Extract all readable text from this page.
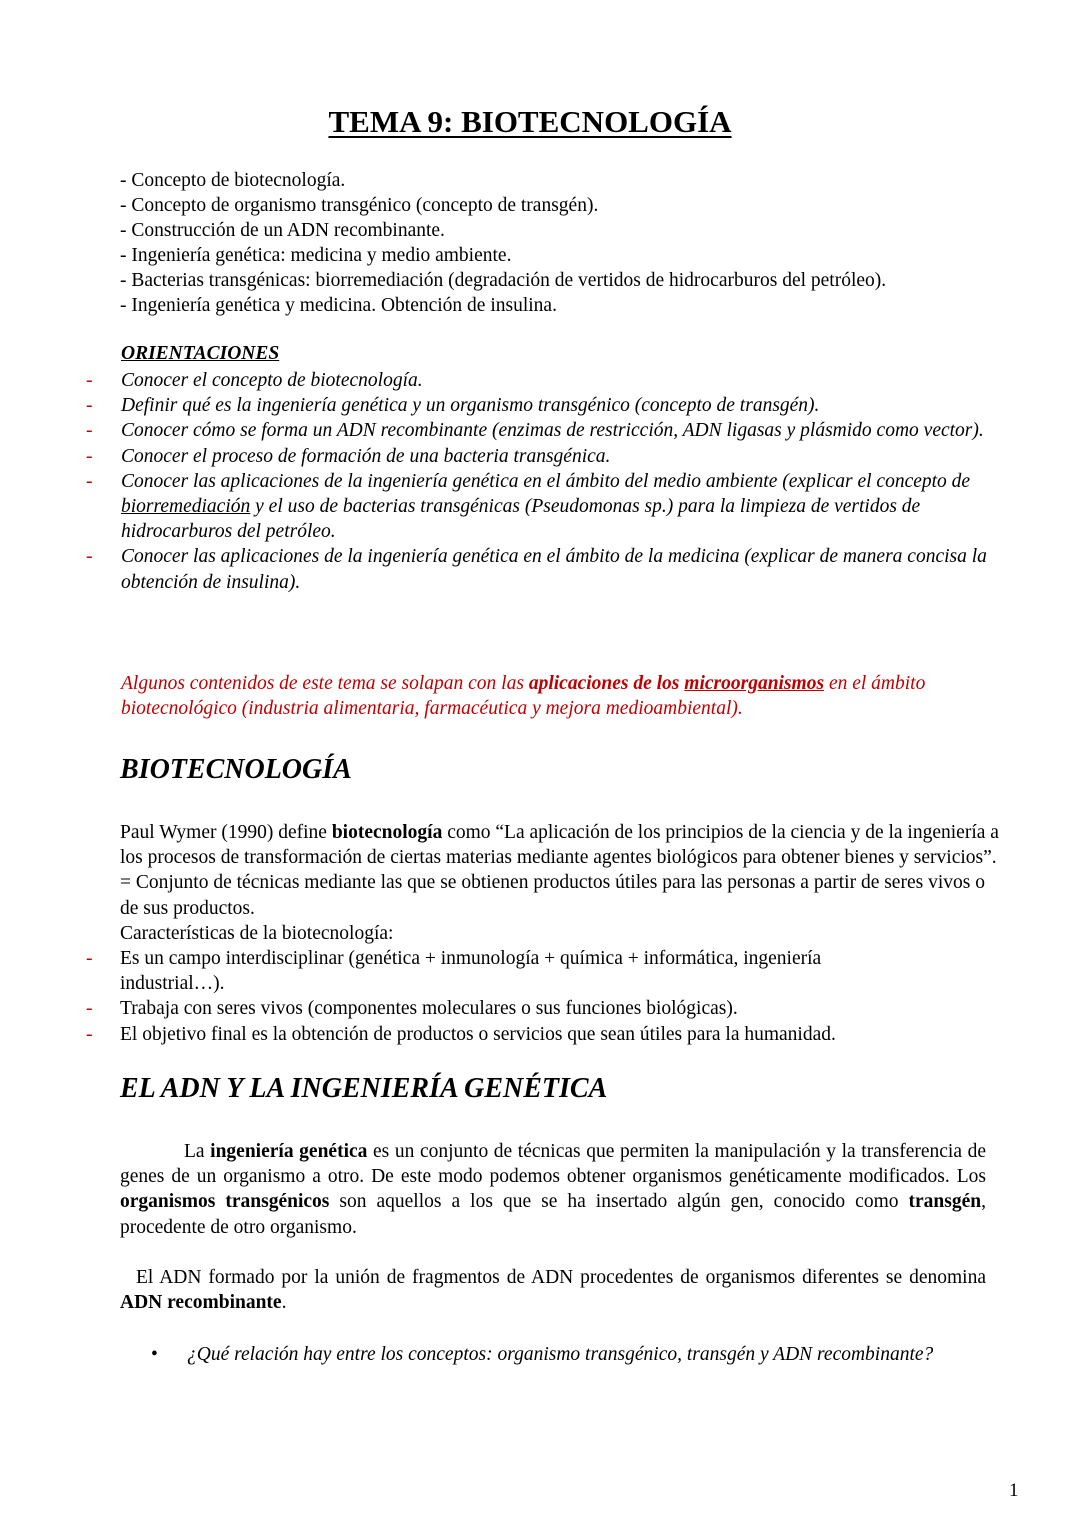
TEMA 9: BIOTECNOLOGÍA
- Concepto de biotecnología.
- Concepto de organismo transgénico (concepto de transgén).
- Construcción de un ADN recombinante.
- Ingeniería genética: medicina y medio ambiente.
- Bacterias transgénicas: biorremediación (degradación de vertidos de hidrocarburos del petróleo).
- Ingeniería genética y medicina. Obtención de insulina.

ORIENTACIONES

- Conocer el concepto de biotecnología.
- Definir qué es la ingeniería genética y un organismo transgénico (concepto de transgén).
- Conocer cómo se forma un ADN recombinante (enzimas de restricción, ADN ligasas y plásmido como vector).
- Conocer el proceso de formación de una bacteria transgénica.
- Conocer las aplicaciones de la ingeniería genética en el ámbito del medio ambiente (explicar el concepto de biorremediación y el uso de bacterias transgénicas (Pseudomonas sp.) para la limpieza de vertidos de hidrocarburos del petróleo.
- Conocer las aplicaciones de la ingeniería genética en el ámbito de la medicina (explicar de manera concisa la obtención de insulina).

Algunos contenidos de este tema se solapan con las aplicaciones de los microorganismos en el ámbito biotecnológico (industria alimentaria, farmacéutica y mejora medioambiental).

BIOTECNOLOGÍA

Paul Wymer (1990) define biotecnología como “La aplicación de los principios de la ciencia y de la ingeniería a los procesos de transformación de ciertas materias mediante agentes biológicos para obtener bienes y servicios”. = Conjunto de técnicas mediante las que se obtienen productos útiles para las personas a partir de seres vivos o de sus productos.
Características de la biotecnología:

- Es un campo interdisciplinar (genética + inmunología + química + informática, ingeniería industrial…).
- Trabaja con seres vivos (componentes moleculares o sus funciones biológicas).
- El objetivo final es la obtención de productos o servicios que sean útiles para la humanidad.
EL ADN Y LA INGENIERÍA GENÉTICA

La ingeniería genética es un conjunto de técnicas que permiten la manipulación y la transferencia de genes de un organismo a otro. De este modo podemos obtener organismos genéticamente modificados. Los organismos transgénicos son aquellos a los que se ha insertado algún gen, conocido como transgén, procedente de otro organismo.

El ADN formado por la unión de fragmentos de ADN procedentes de organismos diferentes se denomina ADN recombinante.

• ¿Qué relación hay entre los conceptos: organismo transgénico, transgén y ADN recombinante?
1
